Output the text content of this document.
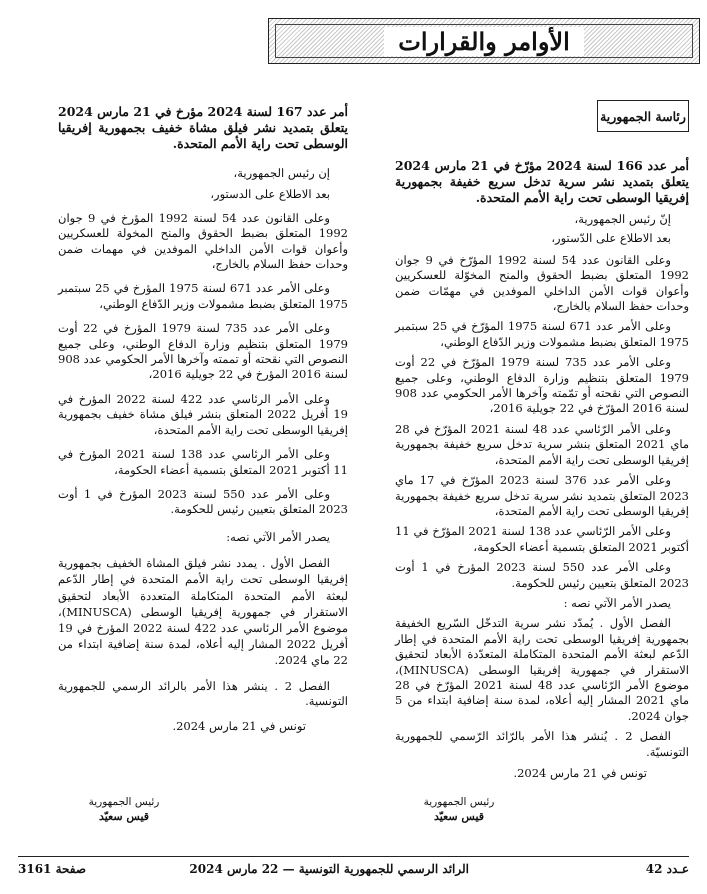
الأوامر والقرارات
رئاسة الجمهورية

أمر عدد 166 لسنة 2024 مؤرّخ في 21 مارس 2024 يتعلق بتمديد نشر سرية تدخل سريع خفيفة بجمهورية إفريقيا الوسطى تحت راية الأمم المتحدة.

إنّ رئيس الجمهورية،

بعد الاطلاع على الدّستور،

وعلى القانون عدد 54 لسنة 1992 المؤرّخ في 9 جوان 1992 المتعلق بضبط الحقوق والمنح المخوّلة للعسكريين وأعوان قوات الأمن الداخلي الموفدين في مهمّات ضمن وحدات حفظ السلام بالخارج،

وعلى الأمر عدد 671 لسنة 1975 المؤرّخ في 25 سبتمبر 1975 المتعلق بضبط مشمولات وزير الدّفاع الوطني،

وعلى الأمر عدد 735 لسنة 1979 المؤرّخ في 22 أوت 1979 المتعلق بتنظيم وزارة الدفاع الوطني، وعلى جميع النصوص التي نقحته أو تمّمته وآخرها الأمر الحكومي عدد 908 لسنة 2016 المؤرّخ في 22 جويلية 2016،

وعلى الأمر الرّئاسي عدد 48 لسنة 2021 المؤرّخ في 28 ماي 2021 المتعلق بنشر سرية تدخل سريع خفيفة بجمهورية إفريقيا الوسطى تحت راية الأمم المتحدة،

وعلى الأمر عدد 376 لسنة 2023 المؤرّخ في 17 ماي 2023 المتعلق بتمديد نشر سرية تدخل سريع خفيفة بجمهورية إفريقيا الوسطى تحت راية الأمم المتحدة،

وعلى الأمر الرّئاسي عدد 138 لسنة 2021 المؤرّخ في 11 أكتوبر 2021 المتعلق بتسمية أعضاء الحكومة،

وعلى الأمر عدد 550 لسنة 2023 المؤرخ في 1 أوت 2023 المتعلق بتعيين رئيس للحكومة.

يصدر الأمر الآتي نصه :

الفصل الأول . يُمدّد نشر سرية التدخّل السّريع الخفيفة بجمهورية إفريقيا الوسطى تحت راية الأمم المتحدة في إطار الدّعم لبعثة الأمم المتحدة المتكاملة المتعدّدة الأبعاد لتحقيق الاستقرار في جمهورية إفريقيا الوسطى (MINUSCA)، موضوع الأمر الرّئاسي عدد 48 لسنة 2021 المؤرّخ في 28 ماي 2021 المشار إليه أعلاه، لمدة سنة إضافية ابتداء من 5 جوان 2024.

الفصل 2 . يُنشر هذا الأمر بالرّائد الرّسمي للجمهورية التونسيّة.

تونس في 21 مارس 2024.
رئيس الجمهورية
قيس سعيّد

أمر عدد 167 لسنة 2024 مؤرخ في 21 مارس 2024 يتعلق بتمديد نشر فيلق مشاة خفيف بجمهورية إفريقيا الوسطى تحت راية الأمم المتحدة.

إن رئيس الجمهورية،

بعد الاطلاع على الدستور،

وعلى القانون عدد 54 لسنة 1992 المؤرخ في 9 جوان 1992 المتعلق بضبط الحقوق والمنح المخولة للعسكريين وأعوان قوات الأمن الداخلي الموفدين في مهمات ضمن وحدات حفظ السلام بالخارج،

وعلى الأمر عدد 671 لسنة 1975 المؤرخ في 25 سبتمبر 1975 المتعلق بضبط مشمولات وزير الدّفاع الوطني،

وعلى الأمر عدد 735 لسنة 1979 المؤرخ في 22 أوت 1979 المتعلق بتنظيم وزارة الدفاع الوطني، وعلى جميع النصوص التي نقحته أو تممته وآخرها الأمر الحكومي عدد 908 لسنة 2016 المؤرخ في 22 جويلية 2016،

وعلى الأمر الرئاسي عدد 422 لسنة 2022 المؤرخ في 19 أفريل 2022 المتعلق بنشر فيلق مشاة خفيف بجمهورية إفريقيا الوسطى تحت راية الأمم المتحدة،

وعلى الأمر الرئاسي عدد 138 لسنة 2021 المؤرخ في 11 أكتوبر 2021 المتعلق بتسمية أعضاء الحكومة،

وعلى الأمر عدد 550 لسنة 2023 المؤرخ في 1 أوت 2023 المتعلق بتعيين رئيس للحكومة.

يصدر الأمر الآتي نصه:

الفصل الأول . يمدد نشر فيلق المشاة الخفيف بجمهورية إفريقيا الوسطى تحت راية الأمم المتحدة في إطار الدّعم لبعثة الأمم المتحدة المتكاملة المتعددة الأبعاد لتحقيق الاستقرار في جمهورية إفريقيا الوسطى (MINUSCA)، موضوع الأمر الرئاسي عدد 422 لسنة 2022 المؤرخ في 19 أفريل 2022 المشار إليه أعلاه، لمدة سنة إضافية ابتداء من 22 ماي 2024.

الفصل 2 . ينشر هذا الأمر بالرائد الرسمي للجمهورية التونسية.

تونس في 21 مارس 2024.
رئيس الجمهورية
قيس سعيّد
عـدد 42
الرائد الرسمي للجمهورية التونسية — 22 مارس 2024
صفحة 3161
